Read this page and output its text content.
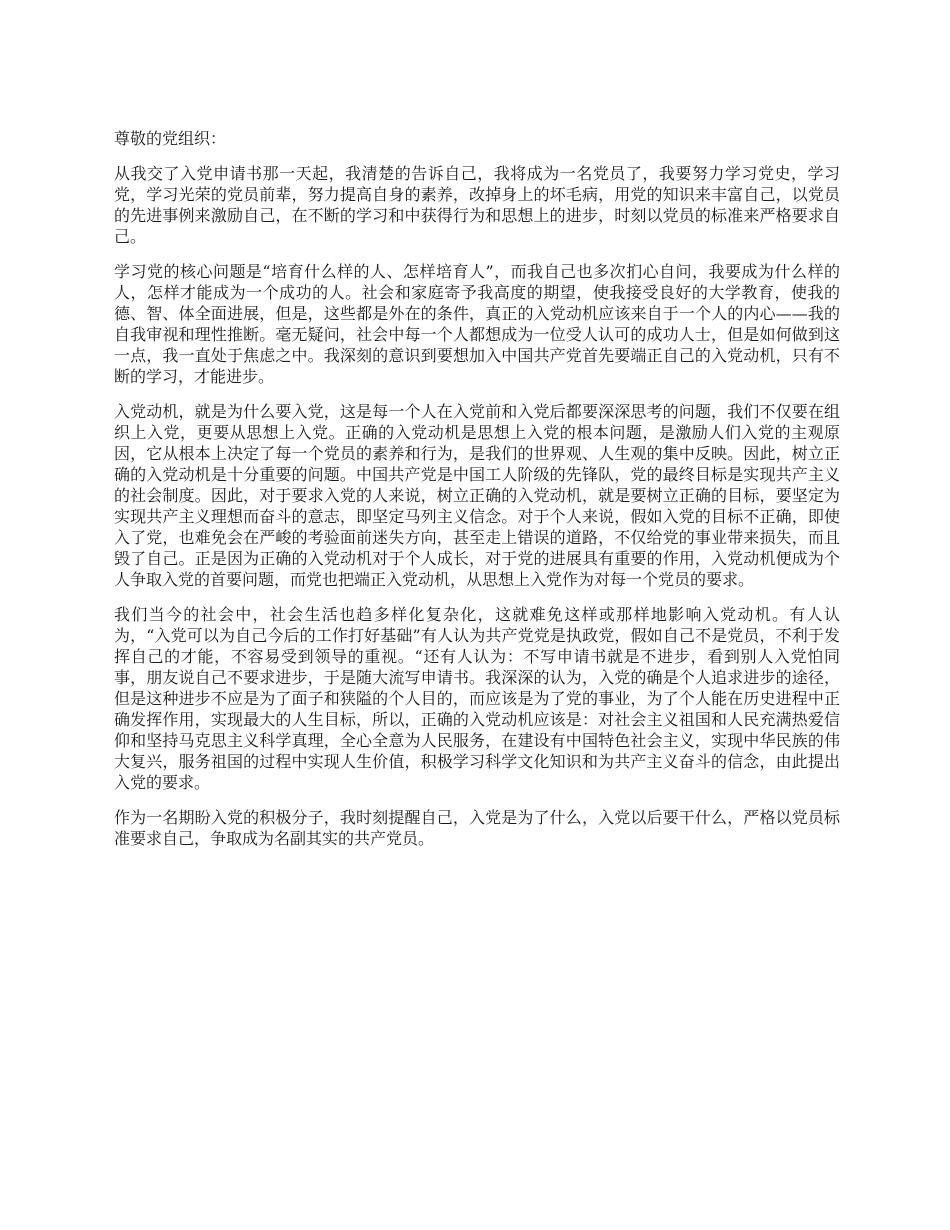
尊敬的党组织：

从我交了入党申请书那一天起，我清楚的告诉自己，我将成为一名党员了，我要努力学习党史，学习党，学习光荣的党员前辈，努力提高自身的素养，改掉身上的坏毛病，用党的知识来丰富自己，以党员的先进事例来激励自己，在不断的学习和中获得行为和思想上的进步，时刻以党员的标准来严格要求自己。

学习党的核心问题是“培育什么样的人、怎样培育人”，而我自己也多次扪心自问，我要成为什么样的人，怎样才能成为一个成功的人。社会和家庭寄予我高度的期望，使我接受良好的大学教育，使我的德、智、体全面进展，但是，这些都是外在的条件，真正的入党动机应该来自于一个人的内心——我的自我审视和理性推断。毫无疑问，社会中每一个人都想成为一位受人认可的成功人士，但是如何做到这一点，我一直处于焦虑之中。我深刻的意识到要想加入中国共产党首先要端正自己的入党动机，只有不断的学习，才能进步。

入党动机，就是为什么要入党，这是每一个人在入党前和入党后都要深深思考的问题，我们不仅要在组织上入党，更要从思想上入党。正确的入党动机是思想上入党的根本问题，是激励人们入党的主观原因，它从根本上决定了每一个党员的素养和行为，是我们的世界观、人生观的集中反映。因此，树立正确的入党动机是十分重要的问题。中国共产党是中国工人阶级的先锋队，党的最终目标是实现共产主义的社会制度。因此，对于要求入党的人来说，树立正确的入党动机，就是要树立正确的目标，要坚定为实现共产主义理想而奋斗的意志，即坚定马列主义信念。对于个人来说，假如入党的目标不正确，即使入了党，也难免会在严峻的考验面前迷失方向，甚至走上错误的道路，不仅给党的事业带来损失，而且毁了自己。正是因为正确的入党动机对于个人成长，对于党的进展具有重要的作用，入党动机便成为个人争取入党的首要问题，而党也把端正入党动机，从思想上入党作为对每一个党员的要求。

我们当今的社会中，社会生活也趋多样化复杂化，这就难免这样或那样地影响入党动机。有人认为，“入党可以为自己今后的工作打好基础”有人认为共产党党是执政党，假如自己不是党员，不利于发挥自己的才能，不容易受到领导的重视。“还有人认为：不写申请书就是不进步，看到别人入党怕同事，朋友说自己不要求进步，于是随大流写申请书。我深深的认为，入党的确是个人追求进步的途径，但是这种进步不应是为了面子和狭隘的个人目的，而应该是为了党的事业，为了个人能在历史进程中正确发挥作用，实现最大的人生目标，所以，正确的入党动机应该是：对社会主义祖国和人民充满热爱信仰和坚持马克思主义科学真理，全心全意为人民服务，在建设有中国特色社会主义，实现中华民族的伟大复兴，服务祖国的过程中实现人生价值，积极学习科学文化知识和为共产主义奋斗的信念，由此提出入党的要求。

作为一名期盼入党的积极分子，我时刻提醒自己，入党是为了什么，入党以后要干什么，严格以党员标准要求自己，争取成为名副其实的共产党员。
